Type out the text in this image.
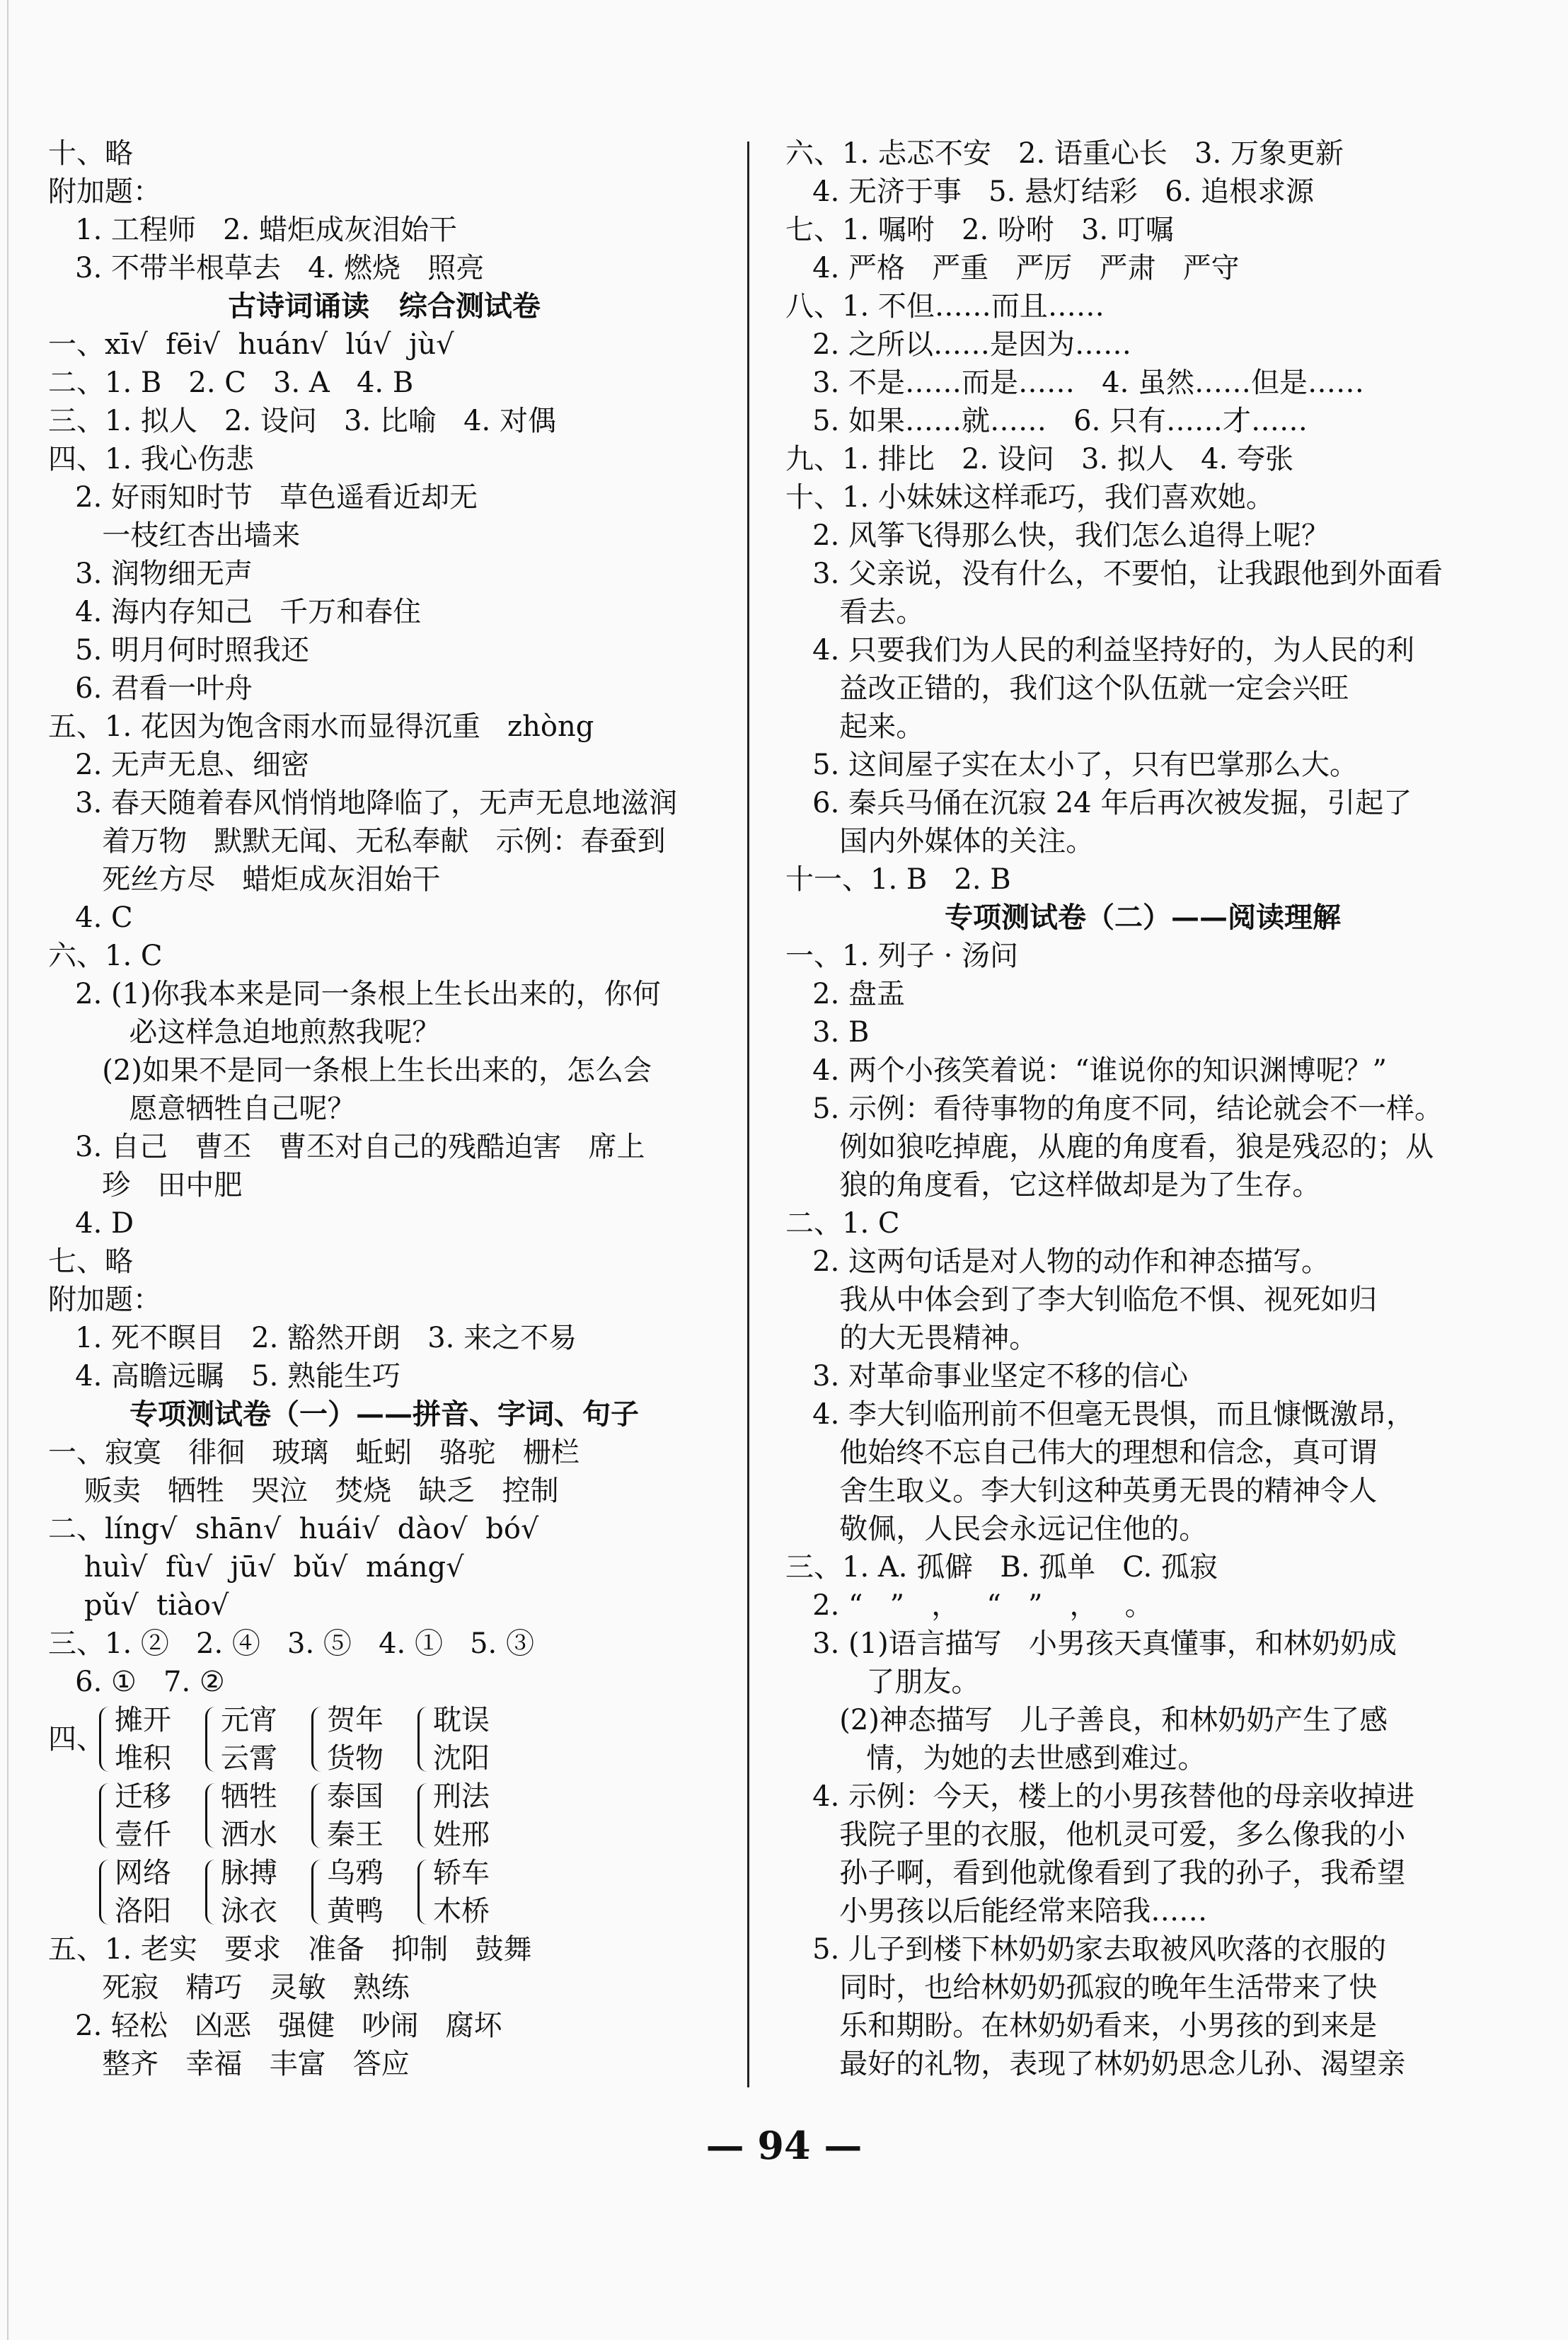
十、略
附加题：
1. 工程师   2. 蜡炬成灰泪始干
3. 不带半根草去   4. 燃烧   照亮
古诗词诵读   综合测试卷
一、xī√  fēi√  huán√  lú√  jù√
二、1. B   2. C   3. A   4. B
三、1. 拟人   2. 设问   3. 比喻   4. 对偶
四、1. 我心伤悲
2. 好雨知时节   草色遥看近却无
一枝红杏出墙来
3. 润物细无声
4. 海内存知己   千万和春住
5. 明月何时照我还
6. 君看一叶舟
五、1. 花因为饱含雨水而显得沉重   zhòng
2. 无声无息、细密
3. 春天随着春风悄悄地降临了，无声无息地滋润
着万物   默默无闻、无私奉献   示例：春蚕到
死丝方尽   蜡炬成灰泪始干
4. C
六、1. C
2. (1)你我本来是同一条根上生长出来的，你何
必这样急迫地煎熬我呢？
(2)如果不是同一条根上生长出来的，怎么会
愿意牺牲自己呢？
3. 自己   曹丕   曹丕对自己的残酷迫害   席上
珍   田中肥
4. D
七、略
附加题：
1. 死不瞑目   2. 豁然开朗   3. 来之不易
4. 高瞻远瞩   5. 熟能生巧
专项测试卷（一）——拼音、字词、句子
一、寂寞   徘徊   玻璃   蚯蚓   骆驼   栅栏
贩卖   牺牲   哭泣   焚烧   缺乏   控制
二、líng√  shān√  huái√  dào√  bó√
huì√  fù√  jū√  bǔ√  máng√
pǔ√  tiào√
三、1. ②   2. ④   3. ⑤   4. ①   5. ③
6. ①   7. ②
四、
摊开
堆积
元宵
云霄
贺年
货物
耽误
沈阳
迁移
壹仟
牺牲
洒水
泰国
秦王
刑法
姓邢
网络
洛阳
脉搏
泳衣
乌鸦
黄鸭
轿车
木桥
五、1. 老实   要求   准备   抑制   鼓舞
死寂   精巧   灵敏   熟练
2. 轻松   凶恶   强健   吵闹   腐坏
整齐   幸福   丰富   答应
六、1. 忐忑不安   2. 语重心长   3. 万象更新
4. 无济于事   5. 悬灯结彩   6. 追根求源
七、1. 嘱咐   2. 吩咐   3. 叮嘱
4. 严格   严重   严厉   严肃   严守
八、1. 不但……而且……
2. 之所以……是因为……
3. 不是……而是……   4. 虽然……但是……
5. 如果……就……   6. 只有……才……
九、1. 排比   2. 设问   3. 拟人   4. 夸张
十、1. 小妹妹这样乖巧，我们喜欢她。
2. 风筝飞得那么快，我们怎么追得上呢？
3. 父亲说，没有什么，不要怕，让我跟他到外面看
看去。
4. 只要我们为人民的利益坚持好的，为人民的利
益改正错的，我们这个队伍就一定会兴旺
起来。
5. 这间屋子实在太小了，只有巴掌那么大。
6. 秦兵马俑在沉寂 24 年后再次被发掘，引起了
国内外媒体的关注。
十一、1. B   2. B
专项测试卷（二）——阅读理解
一、1. 列子 · 汤问
2. 盘盂
3. B
4. 两个小孩笑着说：“谁说你的知识渊博呢？”
5. 示例：看待事物的角度不同，结论就会不一样。
例如狼吃掉鹿，从鹿的角度看，狼是残忍的；从
狼的角度看，它这样做却是为了生存。
二、1. C
2. 这两句话是对人物的动作和神态描写。
我从中体会到了李大钊临危不惧、视死如归
的大无畏精神。
3. 对革命事业坚定不移的信心
4. 李大钊临刑前不但毫无畏惧，而且慷慨激昂，
他始终不忘自己伟大的理想和信念，真可谓
舍生取义。李大钊这种英勇无畏的精神令人
敬佩，人民会永远记住他的。
三、1. A. 孤僻   B. 孤单   C. 孤寂
2. “   ”   ，   “   ”   ，   。
3. (1)语言描写   小男孩天真懂事，和林奶奶成
了朋友。
(2)神态描写   儿子善良，和林奶奶产生了感
情，为她的去世感到难过。
4. 示例：今天，楼上的小男孩替他的母亲收掉进
我院子里的衣服，他机灵可爱，多么像我的小
孙子啊，看到他就像看到了我的孙子，我希望
小男孩以后能经常来陪我……
5. 儿子到楼下林奶奶家去取被风吹落的衣服的
同时，也给林奶奶孤寂的晚年生活带来了快
乐和期盼。在林奶奶看来，小男孩的到来是
最好的礼物，表现了林奶奶思念儿孙、渴望亲
— 94 —
